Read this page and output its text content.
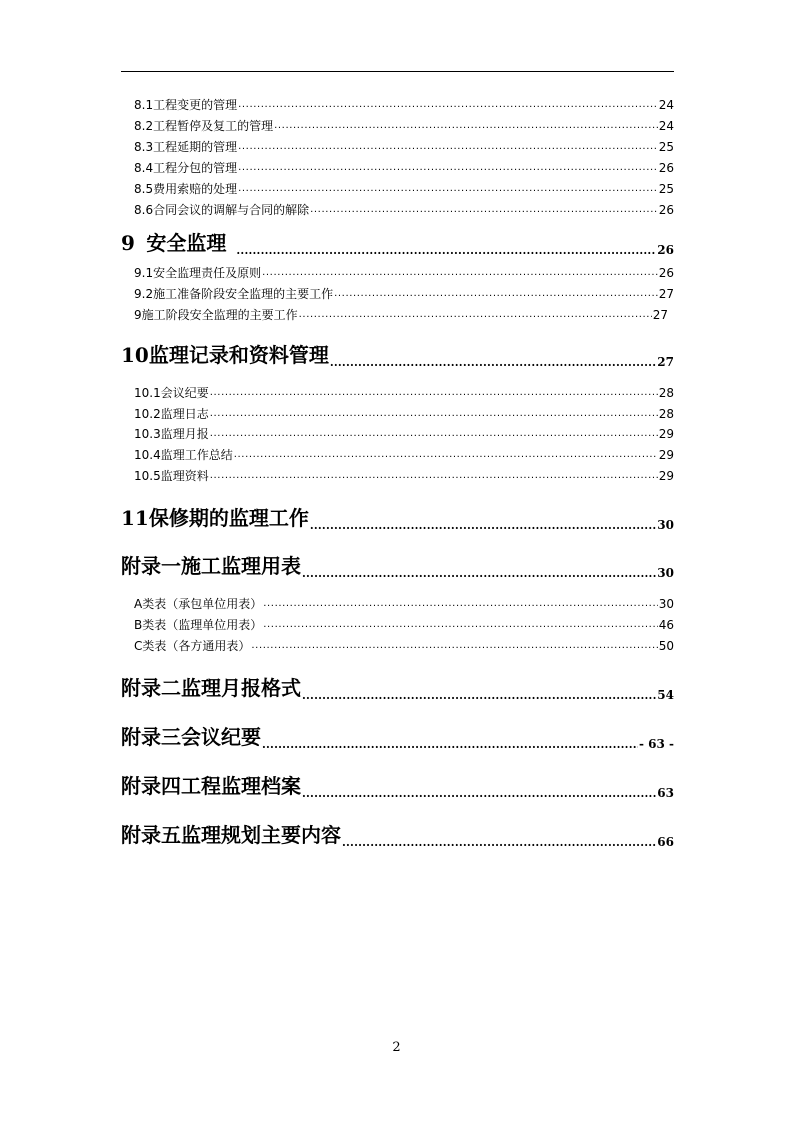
8.1 工程变更的管理 .....	24
8.2 工程暂停及复工的管理 .....	24
8.3 工程延期的管理 .....	25
8.4 工程分包的管理 .....	26
8.5 费用索赔的处理 .....	25
8.6 合同会议的调解与合同的解除 .....	26
9 安全监理 .....	26
9.1 安全监理责任及原则 .....	26
9.2 施工准备阶段安全监理的主要工作 .....	27
9 施工阶段安全监理的主要工作 .....	27
10 监理记录和资料管理 .....	27
10.1 会议纪要 .....	28
10.2 监理日志 .....	28
10.3 监理月报 .....	29
10.4 监理工作总结 .....	29
10.5 监理资料 .....	29
11 保修期的监理工作 .....	30
附录一 施工监理用表 .....	30
A 类表（承包单位用表） .....	30
B 类表（监理单位用表） .....	46
C 类表（各方通用表） .....	50
附录二 监理月报格式 .....	54
附录三 会议纪要 .....	- 63 -
附录四 工程监理档案 .....	63
附录五 监理规划主要内容 .....	66
2
